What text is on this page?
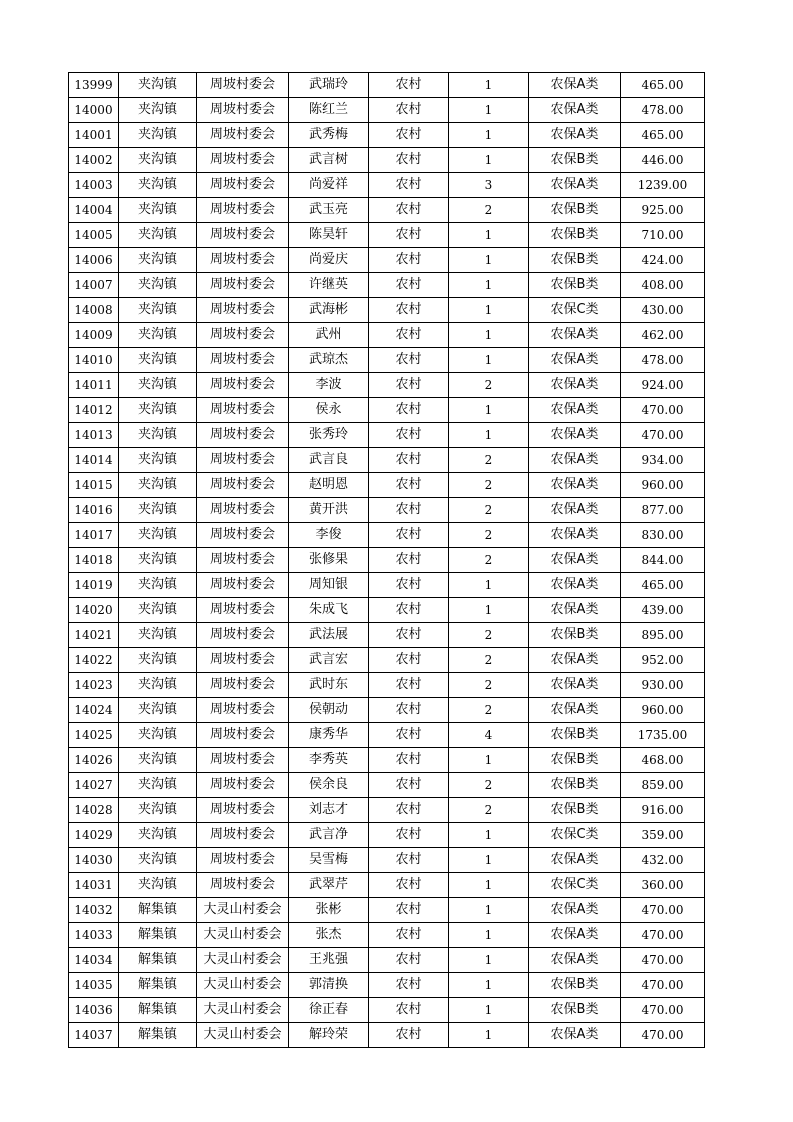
13999	夹沟镇	周坡村委会	武瑞玲	农村	1	农保A类	465.00
14000	夹沟镇	周坡村委会	陈红兰	农村	1	农保A类	478.00
14001	夹沟镇	周坡村委会	武秀梅	农村	1	农保A类	465.00
14002	夹沟镇	周坡村委会	武言树	农村	1	农保B类	446.00
14003	夹沟镇	周坡村委会	尚爱祥	农村	3	农保A类	1239.00
14004	夹沟镇	周坡村委会	武玉亮	农村	2	农保B类	925.00
14005	夹沟镇	周坡村委会	陈昊轩	农村	1	农保B类	710.00
14006	夹沟镇	周坡村委会	尚爱庆	农村	1	农保B类	424.00
14007	夹沟镇	周坡村委会	许继英	农村	1	农保B类	408.00
14008	夹沟镇	周坡村委会	武海彬	农村	1	农保C类	430.00
14009	夹沟镇	周坡村委会	武州	农村	1	农保A类	462.00
14010	夹沟镇	周坡村委会	武琼杰	农村	1	农保A类	478.00
14011	夹沟镇	周坡村委会	李波	农村	2	农保A类	924.00
14012	夹沟镇	周坡村委会	侯永	农村	1	农保A类	470.00
14013	夹沟镇	周坡村委会	张秀玲	农村	1	农保A类	470.00
14014	夹沟镇	周坡村委会	武言良	农村	2	农保A类	934.00
14015	夹沟镇	周坡村委会	赵明恩	农村	2	农保A类	960.00
14016	夹沟镇	周坡村委会	黄开洪	农村	2	农保A类	877.00
14017	夹沟镇	周坡村委会	李俊	农村	2	农保A类	830.00
14018	夹沟镇	周坡村委会	张修果	农村	2	农保A类	844.00
14019	夹沟镇	周坡村委会	周知银	农村	1	农保A类	465.00
14020	夹沟镇	周坡村委会	朱成飞	农村	1	农保A类	439.00
14021	夹沟镇	周坡村委会	武法展	农村	2	农保B类	895.00
14022	夹沟镇	周坡村委会	武言宏	农村	2	农保A类	952.00
14023	夹沟镇	周坡村委会	武时东	农村	2	农保A类	930.00
14024	夹沟镇	周坡村委会	侯朝动	农村	2	农保A类	960.00
14025	夹沟镇	周坡村委会	康秀华	农村	4	农保B类	1735.00
14026	夹沟镇	周坡村委会	李秀英	农村	1	农保B类	468.00
14027	夹沟镇	周坡村委会	侯余良	农村	2	农保B类	859.00
14028	夹沟镇	周坡村委会	刘志才	农村	2	农保B类	916.00
14029	夹沟镇	周坡村委会	武言净	农村	1	农保C类	359.00
14030	夹沟镇	周坡村委会	吴雪梅	农村	1	农保A类	432.00
14031	夹沟镇	周坡村委会	武翠芹	农村	1	农保C类	360.00
14032	解集镇	大灵山村委会	张彬	农村	1	农保A类	470.00
14033	解集镇	大灵山村委会	张杰	农村	1	农保A类	470.00
14034	解集镇	大灵山村委会	王兆强	农村	1	农保A类	470.00
14035	解集镇	大灵山村委会	郭清换	农村	1	农保B类	470.00
14036	解集镇	大灵山村委会	徐正春	农村	1	农保B类	470.00
14037	解集镇	大灵山村委会	解玲荣	农村	1	农保A类	470.00
